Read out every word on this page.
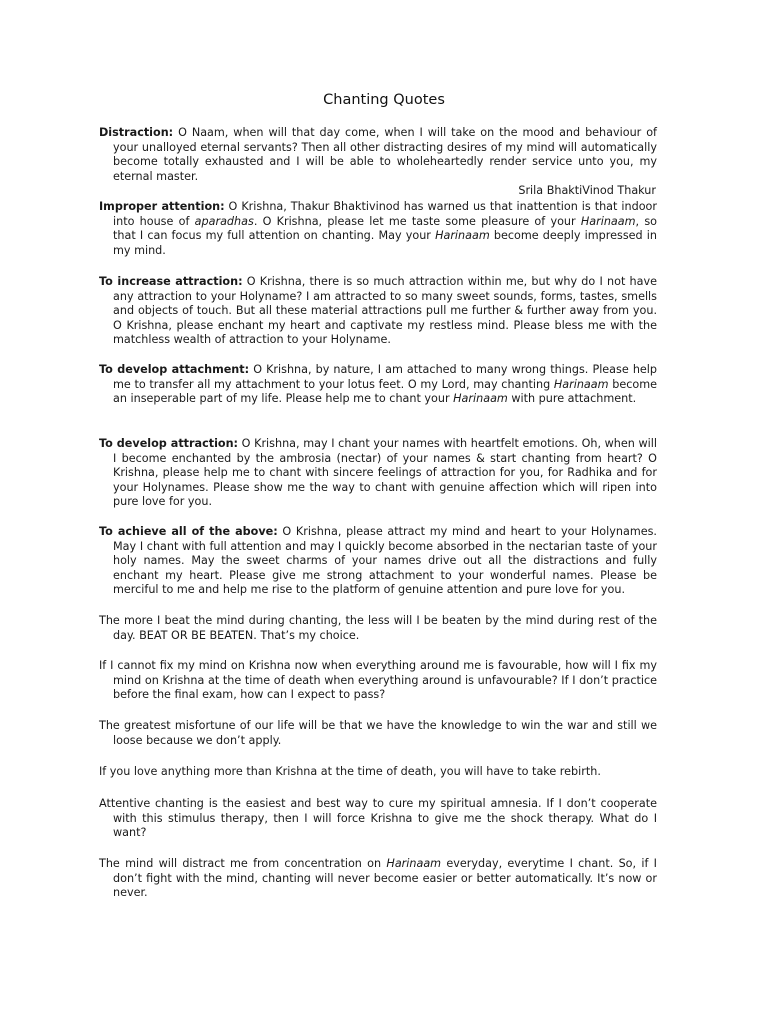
Chanting Quotes

Distraction: O Naam, when will that day come, when I will take on the mood and behaviour of your unalloyed eternal servants? Then all other distracting desires of my mind will automatically become totally exhausted and I will be able to wholeheartedly render service unto you, my eternal master.

Improper attention: O Krishna, Thakur Bhaktivinod has warned us that inattention is that indoor into house of aparadhas. O Krishna, please let me taste some pleasure of your Harinaam, so that I can focus my full attention on chanting. May your Harinaam become deeply impressed in my mind.

To increase attraction: O Krishna, there is so much attraction within me, but why do I not have any attraction to your Holyname? I am attracted to so many sweet sounds, forms, tastes, smells and objects of touch. But all these material attractions pull me further & further away from you. O Krishna, please enchant my heart and captivate my restless mind. Please bless me with the matchless wealth of attraction to your Holyname.

To develop attachment: O Krishna, by nature, I am attached to many wrong things. Please help me to transfer all my attachment to your lotus feet. O my Lord, may chanting Harinaam become an inseperable part of my life. Please help me to chant your Harinaam with pure attachment.

To develop attraction: O Krishna, may I chant your names with heartfelt emotions. Oh, when will I become enchanted by the ambrosia (nectar) of your names & start chanting from heart? O Krishna, please help me to chant with sincere feelings of attraction for you, for Radhika and for your Holynames. Please show me the way to chant with genuine affection which will ripen into pure love for you.

To achieve all of the above: O Krishna, please attract my mind and heart to your Holynames. May I chant with full attention and may I quickly become absorbed in the nectarian taste of your holy names. May the sweet charms of your names drive out all the distractions and fully enchant my heart. Please give me strong attachment to your wonderful names. Please be merciful to me and help me rise to the platform of genuine attention and pure love for you.

The more I beat the mind during chanting, the less will I be beaten by the mind during rest of the day. BEAT OR BE BEATEN. That’s my choice.

If I cannot fix my mind on Krishna now when everything around me is favourable, how will I fix my mind on Krishna at the time of death when everything around is unfavourable? If I don’t practice before the final exam, how can I expect to pass?

The greatest misfortune of our life will be that we have the knowledge to win the war and still we loose because we don’t apply.

If you love anything more than Krishna at the time of death, you will have to take rebirth.

Attentive chanting is the easiest and best way to cure my spiritual amnesia. If I don’t cooperate with this stimulus therapy, then I will force Krishna to give me the shock therapy. What do I want?

The mind will distract me from concentration on Harinaam everyday, everytime I chant. So, if I don’t fight with the mind, chanting will never become easier or better automatically. It’s now or never.

Srila BhaktiVinod Thakur
